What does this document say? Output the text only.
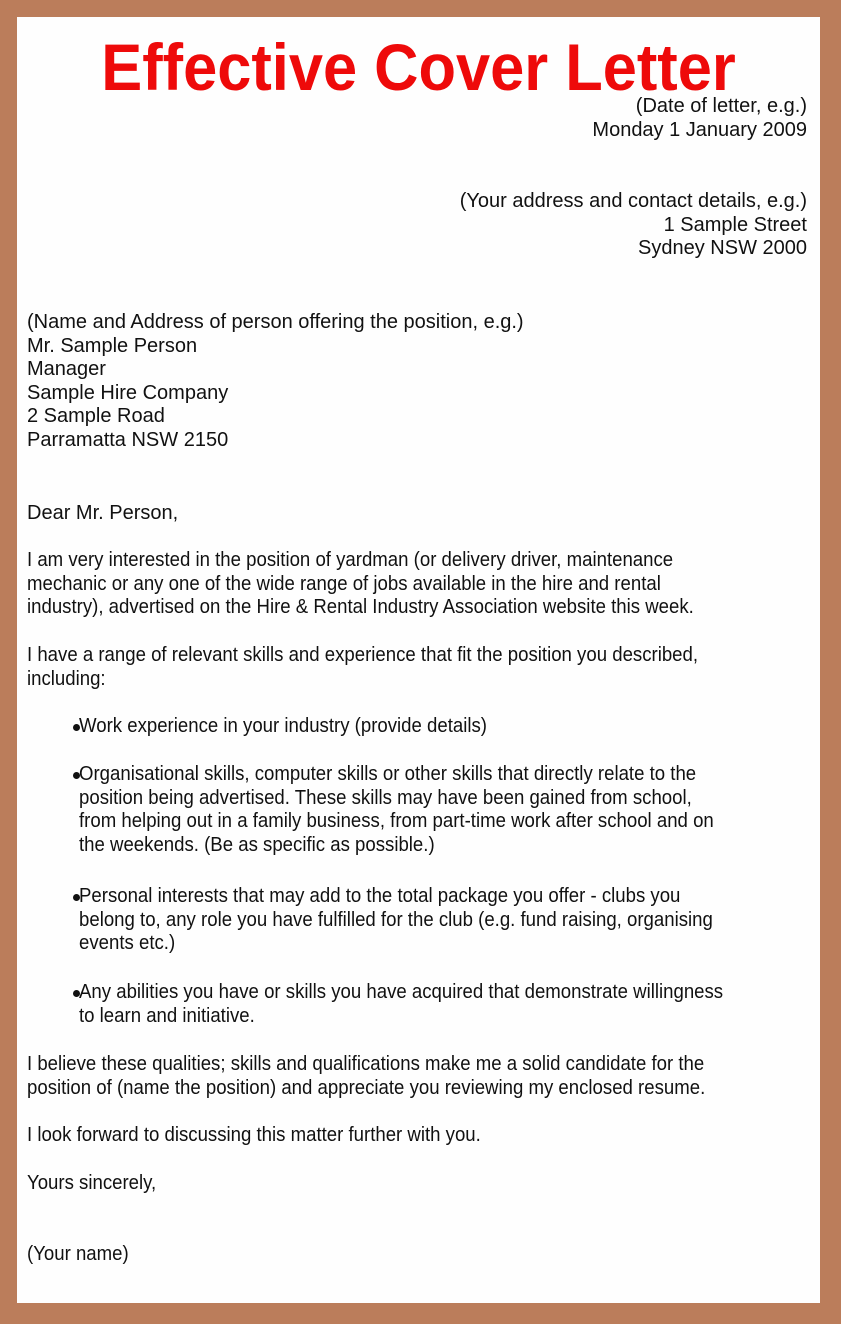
Effective Cover Letter
(Date of letter, e.g.)
Monday 1 January 2009
(Your address and contact details, e.g.)
1 Sample Street
Sydney NSW 2000
(Name and Address of person offering the position, e.g.)
Mr. Sample Person
Manager
Sample Hire Company
2 Sample Road
Parramatta NSW 2150
Dear Mr. Person,
I am very interested in the position of yardman (or delivery driver, maintenance
mechanic or any one of the wide range of jobs available in the hire and rental
industry), advertised on the Hire & Rental Industry Association website this week.
I have a range of relevant skills and experience that fit the position you described,
including:
Work experience in your industry (provide details)
Organisational skills, computer skills or other skills that directly relate to the
position being advertised. These skills may have been gained from school,
from helping out in a family business, from part-time work after school and on
the weekends. (Be as specific as possible.)
Personal interests that may add to the total package you offer - clubs you
belong to, any role you have fulfilled for the club (e.g. fund raising, organising
events etc.)
Any abilities you have or skills you have acquired that demonstrate willingness
to learn and initiative.
I believe these qualities; skills and qualifications make me a solid candidate for the
position of (name the position) and appreciate you reviewing my enclosed resume.
I look forward to discussing this matter further with you.
Yours sincerely,
(Your name)
